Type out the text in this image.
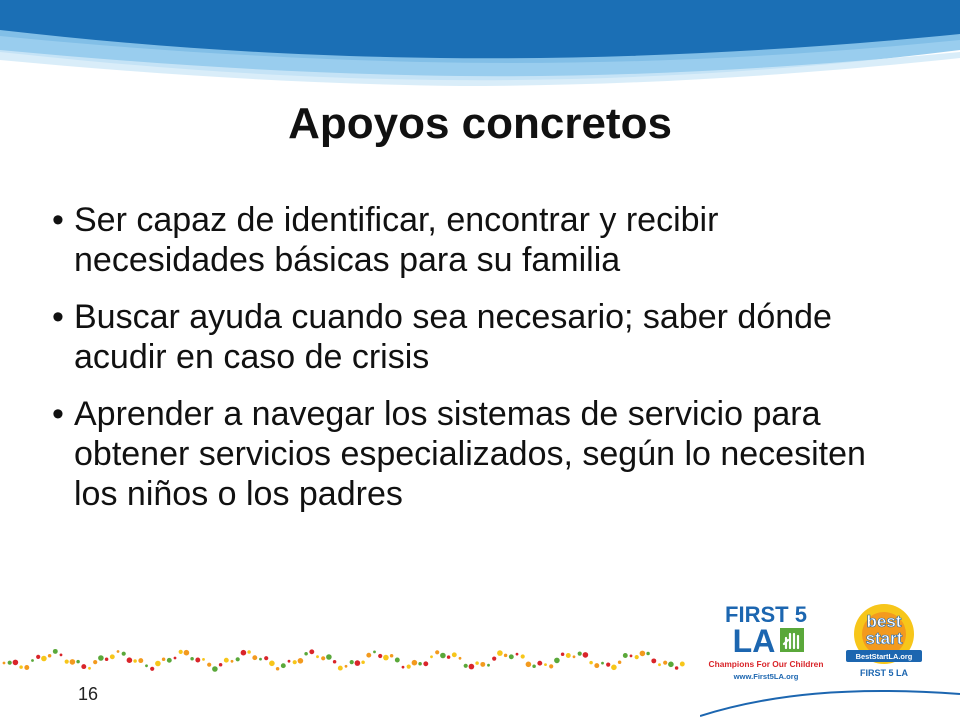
Apoyos concretos
• Ser capaz de identificar, encontrar y recibir necesidades básicas para su familia
• Buscar ayuda cuando sea necesario; saber dónde acudir en caso de crisis
• Aprender a navegar los sistemas de servicio para obtener servicios especializados, según lo necesiten los niños o los padres
16
FIRST 5
LA
Champions For Our Children
www.First5LA.org
best
start
BestStartLA.org
FIRST 5 LA
